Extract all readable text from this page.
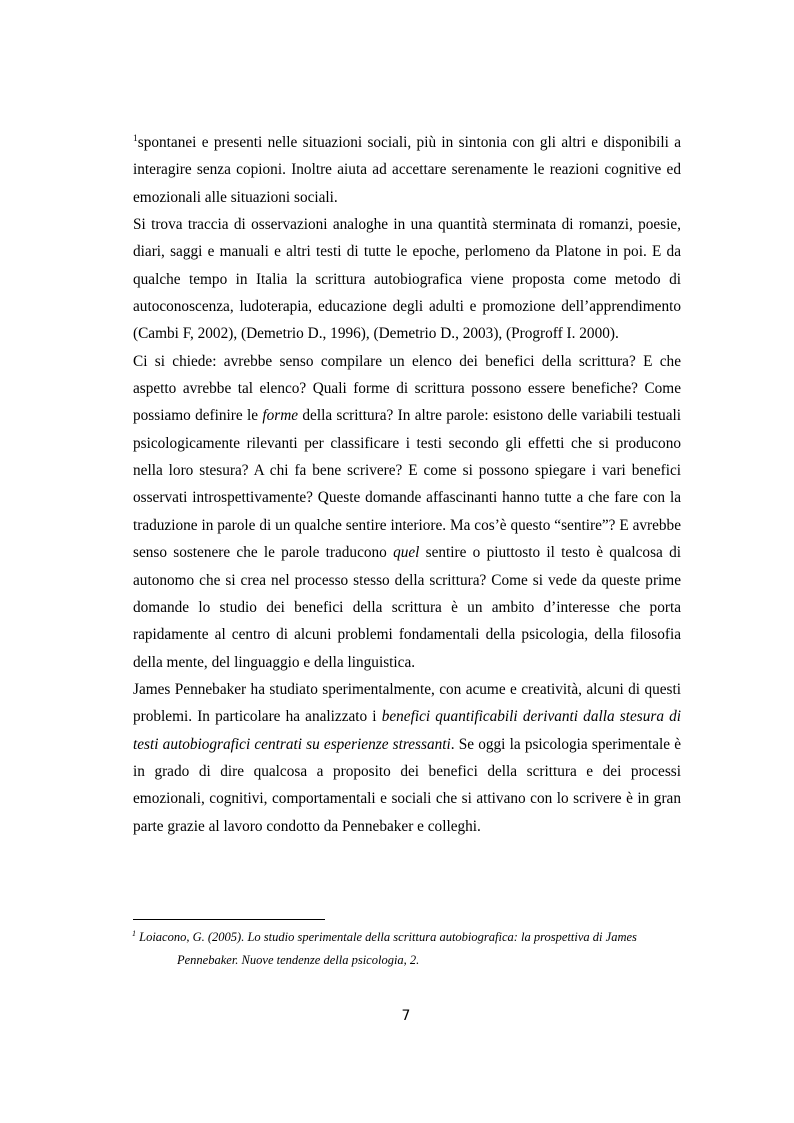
$^1$spontanei e presenti nelle situazioni sociali, più in sintonia con gli altri e disponibili a interagire senza copioni. Inoltre aiuta ad accettare serenamente le reazioni cognitive ed emozionali alle situazioni sociali.

Si trova traccia di osservazioni analoghe in una quantità sterminata di romanzi, poesie, diari, saggi e manuali e altri testi di tutte le epoche, perlomeno da Platone in poi. E da qualche tempo in Italia la scrittura autobiografica viene proposta come metodo di autoconoscenza, ludoterapia, educazione degli adulti e promozione dell’apprendimento (Cambi F, 2002), (Demetrio D., 1996), (Demetrio D., 2003), (Progroff I. 2000).

Ci si chiede: avrebbe senso compilare un elenco dei benefici della scrittura? E che aspetto avrebbe tal elenco? Quali forme di scrittura possono essere benefiche? Come possiamo definire le forme della scrittura? In altre parole: esistono delle variabili testuali psicologicamente rilevanti per classificare i testi secondo gli effetti che si producono nella loro stesura? A chi fa bene scrivere? E come si possono spiegare i vari benefici osservati introspettivamente? Queste domande affascinanti hanno tutte a che fare con la traduzione in parole di un qualche sentire interiore. Ma cos’è questo “sentire”? E avrebbe senso sostenere che le parole traducono quel sentire o piuttosto il testo è qualcosa di autonomo che si crea nel processo stesso della scrittura? Come si vede da queste prime domande lo studio dei benefici della scrittura è un ambito d’interesse che porta rapidamente al centro di alcuni problemi fondamentali della psicologia, della filosofia della mente, del linguaggio e della linguistica.

James Pennebaker ha studiato sperimentalmente, con acume e creatività, alcuni di questi problemi. In particolare ha analizzato i benefici quantificabili derivanti dalla stesura di testi autobiografici centrati su esperienze stressanti. Se oggi la psicologia sperimentale è in grado di dire qualcosa a proposito dei benefici della scrittura e dei processi emozionali, cognitivi, comportamentali e sociali che si attivano con lo scrivere è in gran parte grazie al lavoro condotto da Pennebaker e colleghi.

$^1$ Loiacono, G. (2005). Lo studio sperimentale della scrittura autobiografica: la prospettiva di James
Pennebaker. Nuove tendenze della psicologia, 2.
7
